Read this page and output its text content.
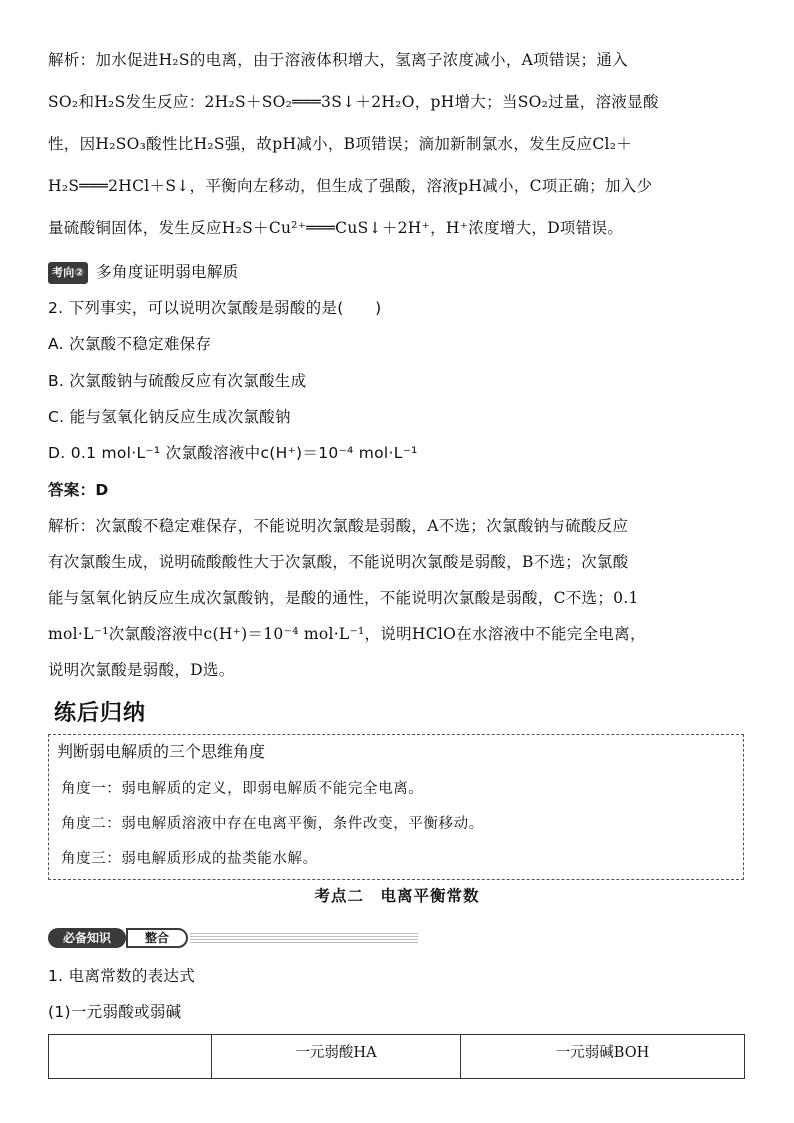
解析：加水促进H₂S的电离，由于溶液体积增大，氢离子浓度减小，A项错误；通入
SO₂和H₂S发生反应：2H₂S＋SO₂═══3S↓＋2H₂O，pH增大；当SO₂过量，溶液显酸
性，因H₂SO₃酸性比H₂S强，故pH减小，B项错误；滴加新制氯水，发生反应Cl₂＋
H₂S═══2HCl＋S↓，平衡向左移动，但生成了强酸，溶液pH减小，C项正确；加入少
量硫酸铜固体，发生反应H₂S＋Cu²⁺═══CuS↓＋2H⁺，H⁺浓度增大，D项错误。
考向② 多角度证明弱电解质
2. 下列事实，可以说明次氯酸是弱酸的是(　　)
A. 次氯酸不稳定难保存
B. 次氯酸钠与硫酸反应有次氯酸生成
C. 能与氢氧化钠反应生成次氯酸钠
D. 0.1 mol·L⁻¹ 次氯酸溶液中c(H⁺)＝10⁻⁴ mol·L⁻¹
答案：D
解析：次氯酸不稳定难保存，不能说明次氯酸是弱酸，A不选；次氯酸钠与硫酸反应
有次氯酸生成，说明硫酸酸性大于次氯酸，不能说明次氯酸是弱酸，B不选；次氯酸
能与氢氧化钠反应生成次氯酸钠，是酸的通性，不能说明次氯酸是弱酸，C不选；0.1
mol·L⁻¹次氯酸溶液中c(H⁺)＝10⁻⁴ mol·L⁻¹，说明HClO在水溶液中不能完全电离，
说明次氯酸是弱酸，D选。
练后归纳
判断弱电解质的三个思维角度
角度一：弱电解质的定义，即弱电解质不能完全电离。
角度二：弱电解质溶液中存在电离平衡，条件改变，平衡移动。
角度三：弱电解质形成的盐类能水解。
考点二　电离平衡常数
必备知识	整合
1. 电离常数的表达式
(1)一元弱酸或弱碱
	一元弱酸HA	一元弱碱BOH
